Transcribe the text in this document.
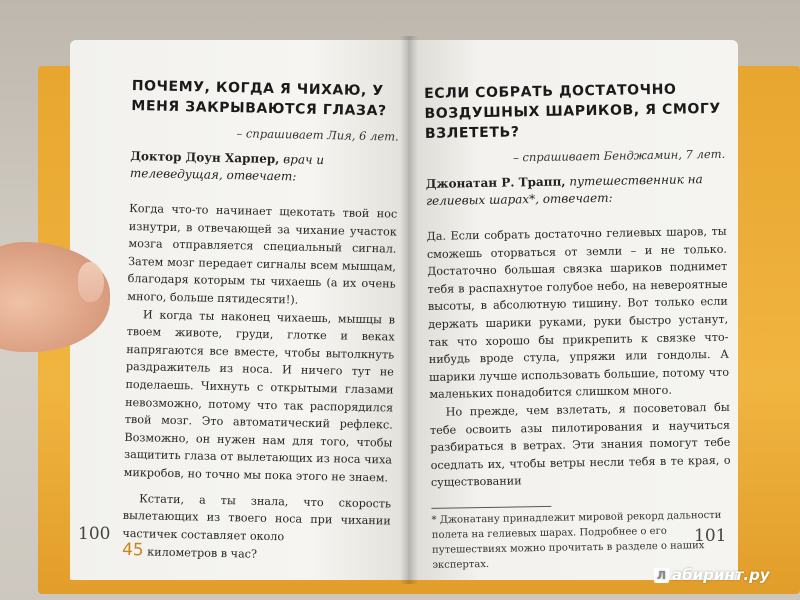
ПОЧЕМУ, КОГДА Я ЧИХАЮ, У МЕНЯ ЗАКРЫВАЮТСЯ ГЛАЗА?
– спрашивает Лия, 6 лет.
Доктор Доун Харпер, врач и телеведущая, отвечает:

Когда что-то начинает щекотать твой нос изнутри, в отвечающей за чихание участок мозга отправляется специальный сигнал. Затем мозг передает сигналы всем мышцам, благодаря которым ты чихаешь (а их очень много, больше пятидесяти!).

И когда ты наконец чихаешь, мышцы в твоем животе, груди, глотке и веках напрягаются все вместе, чтобы вытолкнуть раздражитель из носа. И ничего тут не поделаешь. Чихнуть с открытыми глазами невозможно, потому что так распорядился твой мозг. Это автоматический рефлекс. Возможно, он нужен нам для того, чтобы защитить глаза от вылетающих из носа чиха микробов, но точно мы пока этого не знаем.

Кстати, а ты знала, что скорость вылетающих из твоего носа при чихании частичек составляет около
45 километров в час?

100
ЕСЛИ СОБРАТЬ ДОСТАТОЧНО ВОЗДУШНЫХ ШАРИКОВ, Я СМОГУ ВЗЛЕТЕТЬ?
– спрашивает Бенджамин, 7 лет.
Джонатан Р. Трапп, путешественник на гелиевых шарах*, отвечает:

Да. Если собрать достаточно гелиевых шаров, ты сможешь оторваться от земли – и не только. Достаточно большая связка шариков поднимет тебя в распахнутое голубое небо, на невероятные высоты, в абсолютную тишину. Вот только если держать шарики руками, руки быстро устанут, так что хорошо бы прикрепить к связке что-нибудь вроде стула, упряжи или гондолы. А шарики лучше использовать большие, потому что маленьких понадобится слишком много.

Но прежде, чем взлетать, я посоветовал бы тебе освоить азы пилотирования и научиться разбираться в ветрах. Эти знания помогут тебе оседлать их, чтобы ветры несли тебя в те края, о существовании

* Джонатану принадлежит мировой рекорд дальности полета на гелиевых шарах. Подробнее о его путешествиях можно прочитать в разделе о наших экспертах.
101
Л абиринт.ру
